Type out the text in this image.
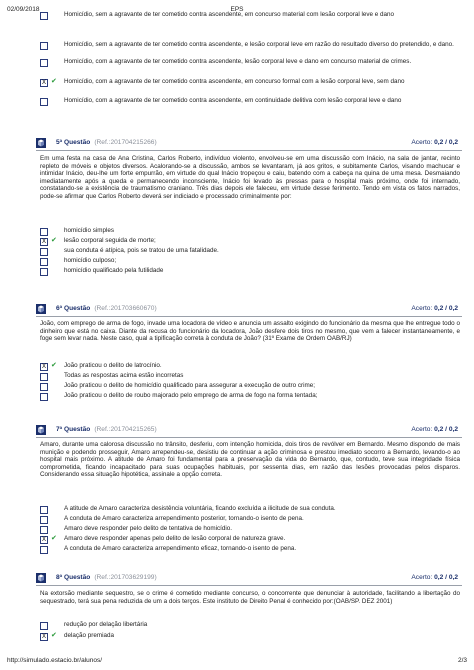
02/09/2018	EPS
Homicídio, sem a agravante de ter cometido contra ascendente, em concurso material com lesão corporal leve e dano
Homicídio, sem a agravante de ter cometido contra ascendente, e lesão corporal leve em razão do resultado diverso do pretendido, e dano.
Homicídio, com a agravante de ter cometido contra ascendente, lesão corporal leve e dano em concurso material de crimes.
X ✔ Homicídio, com a agravante de ter cometido contra ascendente, em concurso formal com a lesão corporal leve, sem dano
Homicídio, com a agravante de ter cometido contra ascendente, em continuidade delitiva com lesão corporal leve e dano
5ª Questão (Ref.:201704215266)	Acerto: 0,2 / 0,2
Em uma festa na casa de Ana Cristina, Carlos Roberto, indivíduo violento, envolveu-se em uma discussão com Inácio, na sala de jantar, recinto repleto de móveis e objetos diversos. Acalorando-se a discussão, ambos se levantaram, já aos gritos, e subitamente Carlos, visando machucar e intimidar Inácio, deu-lhe um forte empurrão, em virtude do qual Inácio tropeçou e caiu, batendo com a cabeça na quina de uma mesa. Desmaiando imediatamente após a queda e permanecendo inconsciente, Inácio foi levado às pressas para o hospital mais próximo, onde foi internado, constatando-se a existência de traumatismo craniano. Três dias depois ele faleceu, em virtude desse ferimento. Tendo em vista os fatos narrados, pode-se afirmar que Carlos Roberto deverá ser indiciado e processado criminalmente por:
homicídio simples
X ✔ lesão corporal seguida de morte;
sua conduta é atípica, pois se tratou de uma fatalidade.
homicídio culposo;
homicídio qualificado pela futilidade
6ª Questão (Ref.:201703660670)	Acerto: 0,2 / 0,2
João, com emprego de arma de fogo, invade uma locadora de vídeo e anuncia um assalto exigindo do funcionário da mesma que lhe entregue todo o dinheiro que está no caixa. Diante da recusa do funcionário da locadora, João desfere dois tiros no mesmo, que vem a falecer instantaneamente, e foge sem levar nada. Neste caso, qual a tipificação correta à conduta de João? (31º Exame de Ordem OAB/RJ)
X ✔ João praticou o delito de latrocínio.
Todas as respostas acima estão incorretas
João praticou o delito de homicídio qualificado para assegurar a execução de outro crime;
João praticou o delito de roubo majorado pelo emprego de arma de fogo na forma tentada;
7ª Questão (Ref.:201704215265)	Acerto: 0,2 / 0,2
Amaro, durante uma calorosa discussão no trânsito, desferiu, com intenção homicida, dois tiros de revólver em Bernardo. Mesmo dispondo de mais munição e podendo prosseguir, Amaro arrependeu-se, desistiu de continuar a ação criminosa e prestou imediato socorro a Bernardo, levando-o ao hospital mais próximo. A atitude de Amaro foi fundamental para a preservação da vida do Bernardo, que, contudo, teve sua integridade física comprometida, ficando incapacitado para suas ocupações habituais, por sessenta dias, em razão das lesões provocadas pelos disparos. Considerando essa situação hipotética, assinale a opção correta.
A atitude de Amaro caracteriza desistência voluntária, ficando excluída a ilicitude de sua conduta.
A conduta de Amaro caracteriza arrependimento posterior, tornando-o isento de pena.
Amaro deve responder pelo delito de tentativa de homicídio.
X ✔ Amaro deve responder apenas pelo delito de lesão corporal de natureza grave.
A conduta de Amaro caracteriza arrependimento eficaz, tornando-o isento de pena.
8ª Questão (Ref.:201703629199)	Acerto: 0,2 / 0,2
Na extorsão mediante sequestro, se o crime é cometido mediante concurso, o concorrente que denunciar à autoridade, facilitando a libertação do sequestrado, terá sua pena reduzida de um a dois terços. Este instituto de Direito Penal é conhecido por:(OAB/SP. DEZ 2001)
redução por delação libertária
X ✔ delação premiada
http://simulado.estacio.br/alunos/	2/3
